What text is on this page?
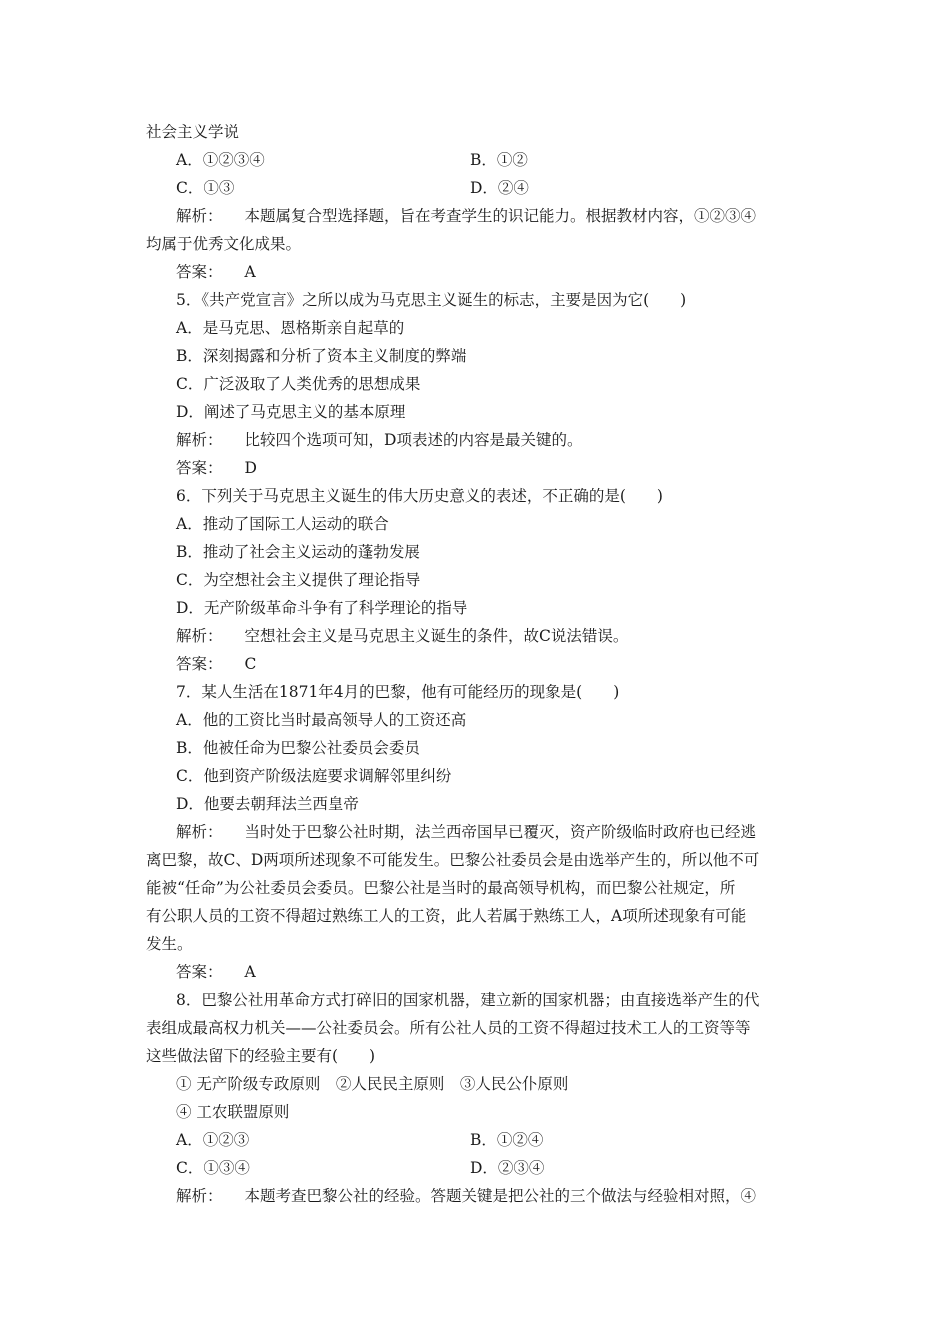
社会主义学说
A．①②③④	B．①②
C．①③	D．②④
解析： 本题属复合型选择题，旨在考查学生的识记能力。根据教材内容，①②③④
均属于优秀文化成果。
答案： A
5．《共产党宣言》之所以成为马克思主义诞生的标志，主要是因为它(　　)
A．是马克思、恩格斯亲自起草的
B．深刻揭露和分析了资本主义制度的弊端
C．广泛汲取了人类优秀的思想成果
D．阐述了马克思主义的基本原理
解析： 比较四个选项可知，D项表述的内容是最关键的。
答案： D
6．下列关于马克思主义诞生的伟大历史意义的表述，不正确的是(　　)
A．推动了国际工人运动的联合
B．推动了社会主义运动的蓬勃发展
C．为空想社会主义提供了理论指导
D．无产阶级革命斗争有了科学理论的指导
解析： 空想社会主义是马克思主义诞生的条件，故C说法错误。
答案： C
7．某人生活在1871年4月的巴黎，他有可能经历的现象是(　　)
A．他的工资比当时最高领导人的工资还高
B．他被任命为巴黎公社委员会委员
C．他到资产阶级法庭要求调解邻里纠纷
D．他要去朝拜法兰西皇帝
解析： 当时处于巴黎公社时期，法兰西帝国早已覆灭，资产阶级临时政府也已经逃
离巴黎，故C、D两项所述现象不可能发生。巴黎公社委员会是由选举产生的，所以他不可
能被“任命”为公社委员会委员。巴黎公社是当时的最高领导机构，而巴黎公社规定，所
有公职人员的工资不得超过熟练工人的工资，此人若属于熟练工人，A项所述现象有可能
发生。
答案： A
8．巴黎公社用革命方式打碎旧的国家机器，建立新的国家机器；由直接选举产生的代
表组成最高权力机关——公社委员会。所有公社人员的工资不得超过技术工人的工资等等
这些做法留下的经验主要有(　　)
① 无产阶级专政原则　②人民民主原则　③人民公仆原则
④ 工农联盟原则
A．①②③	B．①②④
C．①③④	D．②③④
解析： 本题考查巴黎公社的经验。答题关键是把公社的三个做法与经验相对照，④
